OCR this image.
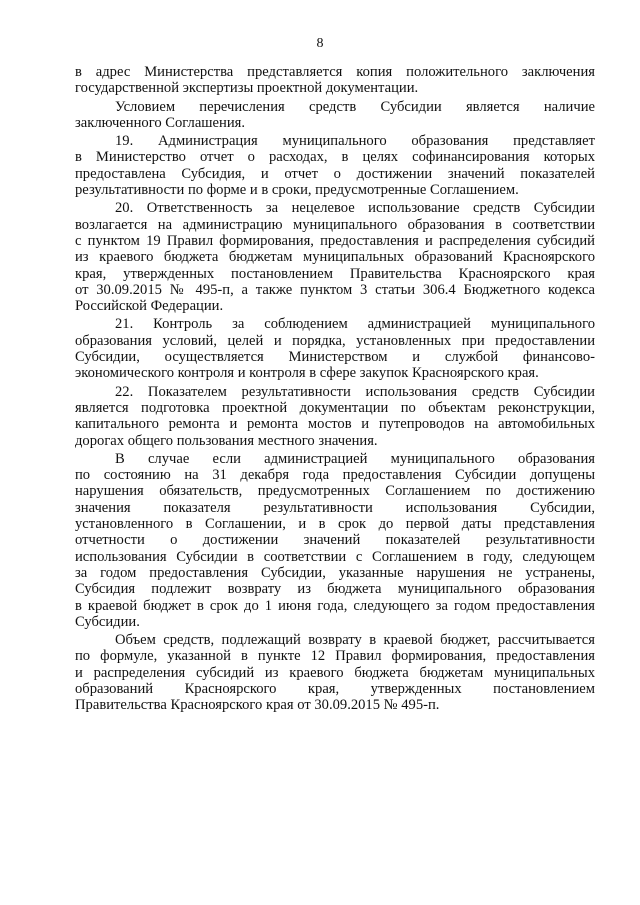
8
в адрес Министерства представляется копия положительного заключения
государственной экспертизы проектной документации.
Условием перечисления средств Субсидии является наличие
заключенного Соглашения.
19. Администрация муниципального образования представляет
в Министерство отчет о расходах, в целях софинансирования которых
предоставлена Субсидия, и отчет о достижении значений показателей
результативности по форме и в сроки, предусмотренные Соглашением.
20. Ответственность за нецелевое использование средств Субсидии
возлагается на администрацию муниципального образования в соответствии
с пунктом 19 Правил формирования, предоставления и распределения субсидий
из краевого бюджета бюджетам муниципальных образований Красноярского
края, утвержденных постановлением Правительства Красноярского края
от 30.09.2015 № 495-п, а также пунктом 3 статьи 306.4 Бюджетного кодекса
Российской Федерации.
21. Контроль за соблюдением администрацией муниципального
образования условий, целей и порядка, установленных при предоставлении
Субсидии, осуществляется Министерством и службой финансово-
экономического контроля и контроля в сфере закупок Красноярского края.
22. Показателем результативности использования средств Субсидии
является подготовка проектной документации по объектам реконструкции,
капитального ремонта и ремонта мостов и путепроводов на автомобильных
дорогах общего пользования местного значения.
В случае если администрацией муниципального образования
по состоянию на 31 декабря года предоставления Субсидии допущены
нарушения обязательств, предусмотренных Соглашением по достижению
значения показателя результативности использования Субсидии,
установленного в Соглашении, и в срок до первой даты представления
отчетности о достижении значений показателей результативности
использования Субсидии в соответствии с Соглашением в году, следующем
за годом предоставления Субсидии, указанные нарушения не устранены,
Субсидия подлежит возврату из бюджета муниципального образования
в краевой бюджет в срок до 1 июня года, следующего за годом предоставления
Субсидии.
Объем средств, подлежащий возврату в краевой бюджет, рассчитывается
по формуле, указанной в пункте 12 Правил формирования, предоставления
и распределения субсидий из краевого бюджета бюджетам муниципальных
образований Красноярского края, утвержденных постановлением
Правительства Красноярского края от 30.09.2015 № 495-п.
